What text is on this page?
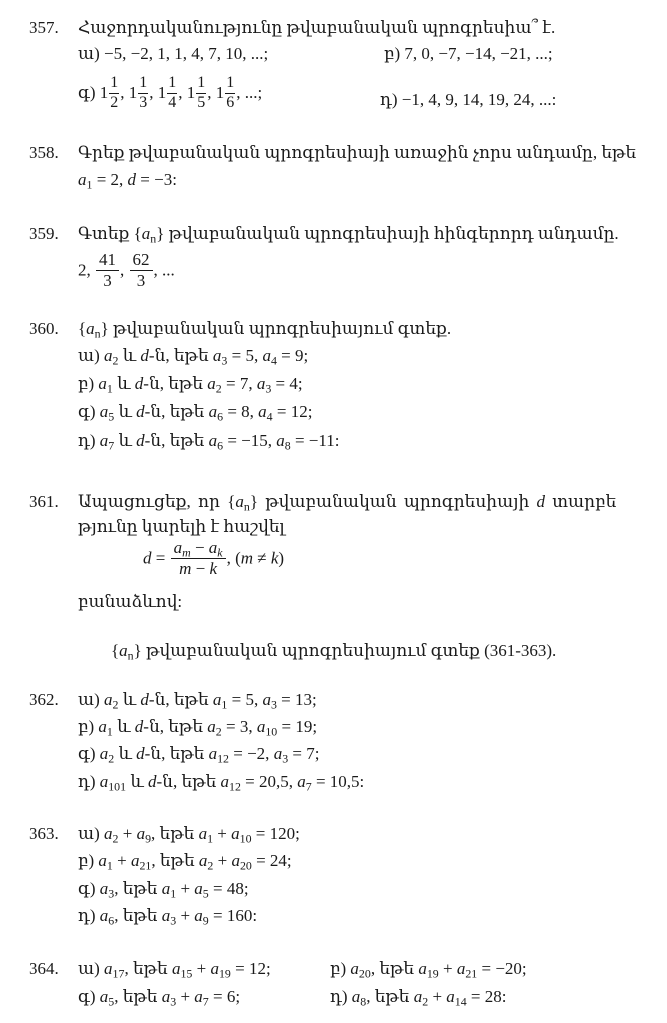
357. Հաջորդականությունը թվաբանական պրոգրեսիա՞ է.
ա) −5, −2, 1, 1, 4, 7, 10, ...;	բ) 7, 0, −7, −14, −21, ...;
գ) $1 \frac{1}{2}$ , $1 \frac{1}{3}$ , $1 \frac{1}{4}$ , $1 \frac{1}{5}$ , $1 \frac{1}{6}$ , ...;	դ) −1, 4, 9, 14, 19, 24, ...:
358. Գրեք թվաբանական պրոգրեսիայի առաջին չորս անդամը, եթե
$a_1 = 2$, d = −3:
359. Գտեք $\{a_n\}$ թվաբանական պրոգրեսիայի հինգերորդ անդամը.
2, $\frac{41}{3}$ , $\frac{62}{3}$ , ...
360. $\{a_n\}$ թվաբանական պրոգրեսիայում գտեք.
ա) $a_2$ և d-ն, եթե $a_3 = 5$, $a_4 = 9$;
բ) $a_1$ և d-ն, եթե $a_2 = 7$, $a_3 = 4$;
գ) $a_5$ և d-ն, եթե $a_6 = 8$, $a_4 = 12$;
դ) $a_7$ և d-ն, եթե $a_6 = -15$, $a_8 = -11$:
361. Ապացուցեք, որ $\{a_n\}$ թվաբանական պրոգրեսիայի d տարբե
թյունը կարելի է հաշվել
$d = \frac{a_m - a_k}{m - k}$ , (m ≠ k)
բանաձևով:
$\{a_n\}$ թվաբանական պրոգրեսիայում գտեք (361-363).
362. ա) $a_2$ և d-ն, եթե $a_1 = 5$, $a_3 = 13$;
բ) $a_1$ և d-ն, եթե $a_2 = 3$, $a_{10} = 19$;
գ) $a_2$ և d-ն, եթե $a_{12} = -2$, $a_3 = 7$;
դ) $a_{101}$ և d-ն, եթե $a_{12} = 20,5$, $a_7 = 10,5$:
363. ա) $a_2 + a_9$, եթե $a_1 + a_{10} = 120$;
բ) $a_1 + a_{21}$, եթե $a_2 + a_{20} = 24$;
գ) $a_3$, եթե $a_1 + a_5 = 48$;
դ) $a_6$, եթե $a_3 + a_9 = 160$:
364. ա) $a_{17}$, եթե $a_{15} + a_{19} = 12$;	բ) $a_{20}$, եթե $a_{19} + a_{21} = -20$;
գ) $a_5$, եթե $a_3 + a_7 = 6$;	դ) $a_8$, եթե $a_2 + a_{14} = 28$:
